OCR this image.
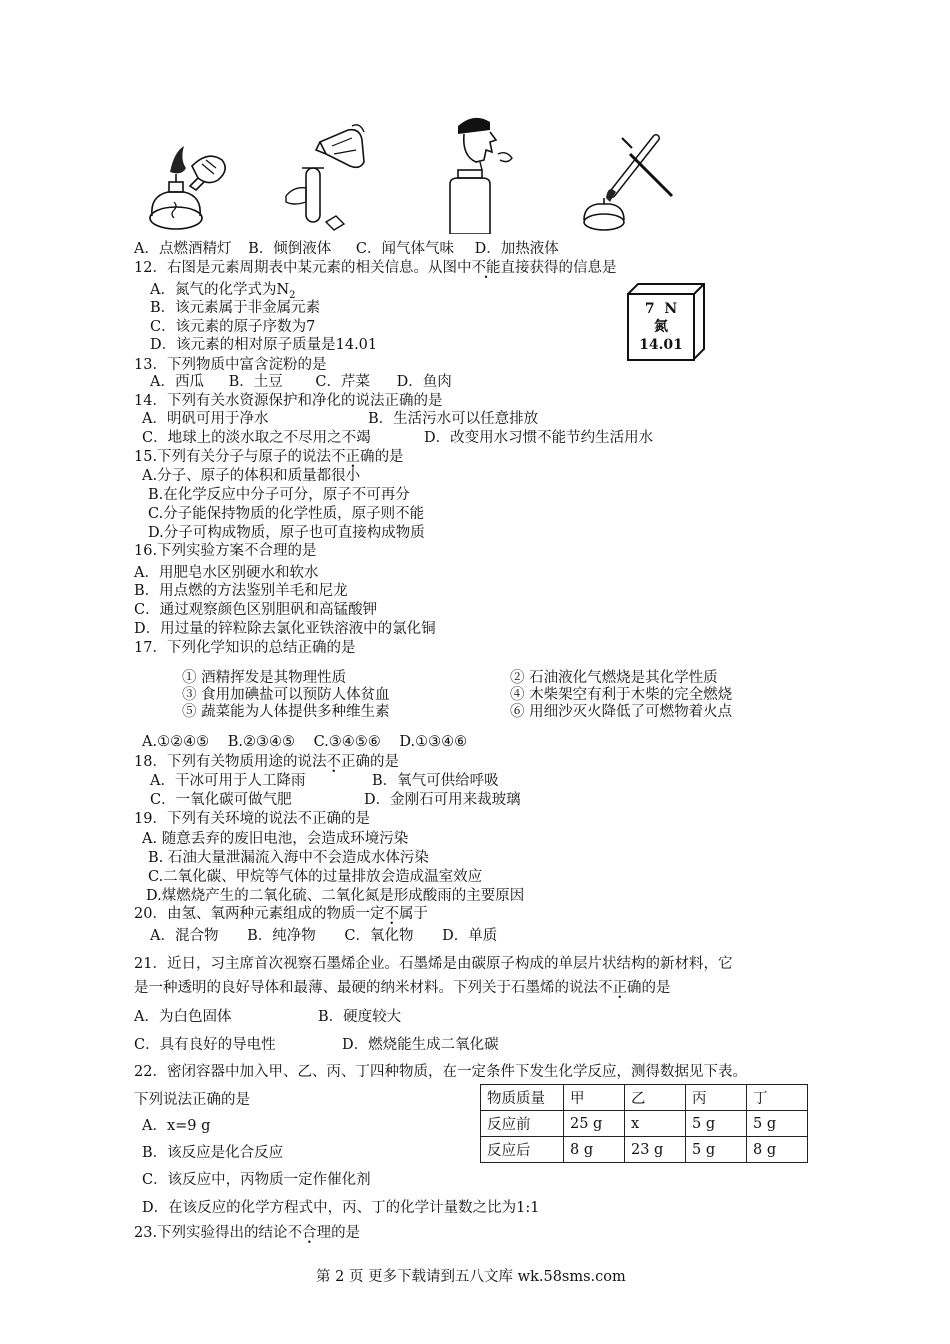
A．点燃酒精灯 B．倾倒液体 C．闻气体气味 D．加热液体
12．右图是元素周期表中某元素的相关信息。从图中不能直接获得的信息是
A．氮气的化学式为$N_2$
B．该元素属于非金属元素
C．该元素的原子序数为7
D．该元素的相对原子质量是14.01
7 N
氮
14.01
13．下列物质中富含淀粉的是
A．西瓜 B．土豆 C．芹菜 D．鱼肉
14．下列有关水资源保护和净化的说法正确的是
A．明矾可用于净水	B．生活污水可以任意排放
C．地球上的淡水取之不尽用之不竭	D．改变用水习惯不能节约生活用水
15.下列有关分子与原子的说法不正确的是
A.分子、原子的体积和质量都很小
B.在化学反应中分子可分，原子不可再分
C.分子能保持物质的化学性质，原子则不能
D.分子可构成物质，原子也可直接构成物质
16.下列实验方案不合理的是
A．用肥皂水区别硬水和软水
B．用点燃的方法鉴别羊毛和尼龙
C．通过观察颜色区别胆矾和高锰酸钾
D．用过量的锌粒除去氯化亚铁溶液中的氯化铜
17．下列化学知识的总结正确的是
① 酒精挥发是其物理性质	② 石油液化气燃烧是其化学性质
③ 食用加碘盐可以预防人体贫血	④ 木柴架空有利于木柴的完全燃烧
⑤ 蔬菜能为人体提供多种维生素	⑥ 用细沙灭火降低了可燃物着火点
A.①②④⑤ B.②③④⑤ C.③④⑤⑥ D.①③④⑥
18．下列有关物质用途的说法不正确的是
A．干冰可用于人工降雨	B．氧气可供给呼吸
C．一氧化碳可做气肥	D．金刚石可用来裁玻璃
19．下列有关环境的说法不正确的是
A. 随意丢弃的废旧电池，会造成环境污染
B. 石油大量泄漏流入海中不会造成水体污染
C.二氧化碳、甲烷等气体的过量排放会造成温室效应
D.煤燃烧产生的二氧化硫、二氧化氮是形成酸雨的主要原因
20．由氢、氧两种元素组成的物质一定不属于
A．混合物 B．纯净物 C．氧化物 D．单质
21．近日，习主席首次视察石墨烯企业。石墨烯是由碳原子构成的单层片状结构的新材料，它
是一种透明的良好导体和最薄、最硬的纳米材料。下列关于石墨烯的说法不正确的是
A．为白色固体	B．硬度较大
C．具有良好的导电性	D．燃烧能生成二氧化碳
22．密闭容器中加入甲、乙、丙、丁四种物质，在一定条件下发生化学反应，测得数据见下表。
下列说法正确的是
A．x=9 g
B．该反应是化合反应
C．该反应中，丙物质一定作催化剂
D．在该反应的化学方程式中，丙、丁的化学计量数之比为1:1
物质质量	甲	乙	丙	丁
反应前	25 g	x	5 g	5 g
反应后	8 g	23 g	5 g	8 g
23.下列实验得出的结论不合理的是
第 2 页 更多下载请到五八文库 wk.58sms.com
